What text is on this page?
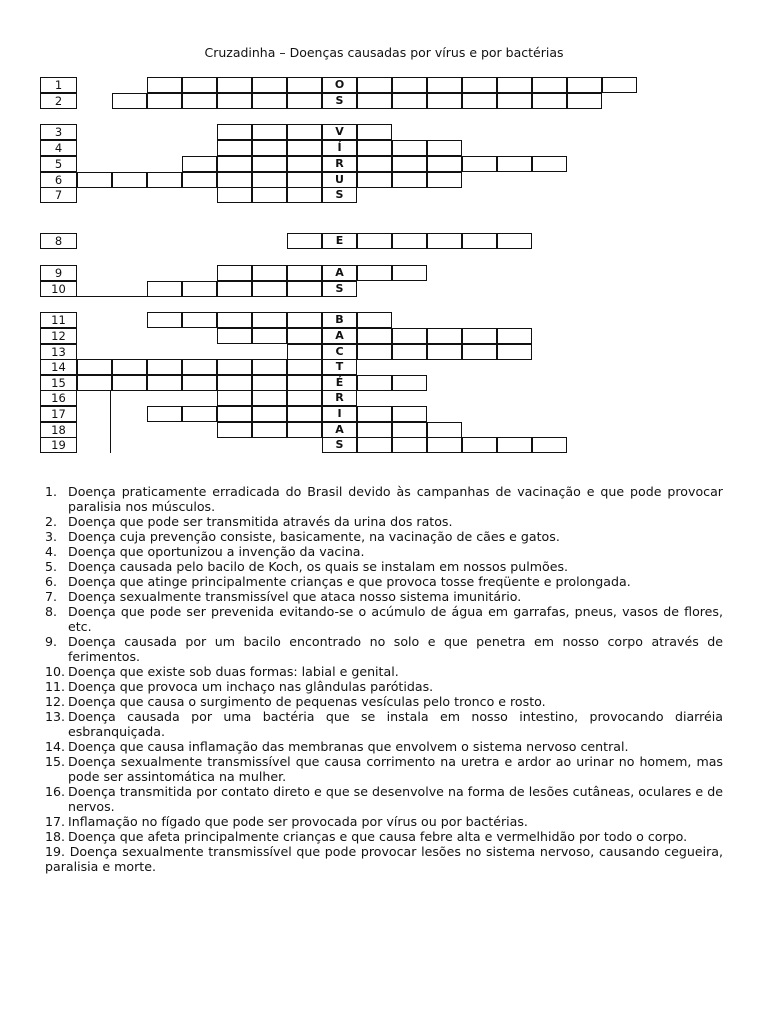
Cruzadinha – Doenças causadas por vírus e por bactérias
1	O
2	S
3	V
4	Í
5	R
6	U
7	S
8	E
9	A
10	S
11	B
12	A
13	C
14	T
15	É
16	R
17	I
18	A
19	S
1. Doença praticamente erradicada do Brasil devido às campanhas de vacinação e que pode provocar paralisia nos músculos.
2. Doença que pode ser transmitida através da urina dos ratos.
3. Doença cuja prevenção consiste, basicamente, na vacinação de cães e gatos.
4. Doença que oportunizou a invenção da vacina.
5. Doença causada pelo bacilo de Koch, os quais se instalam em nossos pulmões.
6. Doença que atinge principalmente crianças e que provoca tosse freqüente e prolongada.
7. Doença sexualmente transmissível que ataca nosso sistema imunitário.
8. Doença que pode ser prevenida evitando-se o acúmulo de água em garrafas, pneus, vasos de flores, etc.
9. Doença causada por um bacilo encontrado no solo e que penetra em nosso corpo através de ferimentos.
10. Doença que existe sob duas formas: labial e genital.
11. Doença que provoca um inchaço nas glândulas parótidas.
12. Doença que causa o surgimento de pequenas vesículas pelo tronco e rosto.
13. Doença causada por uma bactéria que se instala em nosso intestino, provocando diarréia esbranquiçada.
14. Doença que causa inflamação das membranas que envolvem o sistema nervoso central.
15. Doença sexualmente transmissível que causa corrimento na uretra e ardor ao urinar no homem, mas pode ser assintomática na mulher.
16. Doença transmitida por contato direto e que se desenvolve na forma de lesões cutâneas, oculares e de nervos.
17. Inflamação no fígado que pode ser provocada por vírus ou por bactérias.
18. Doença que afeta principalmente crianças e que causa febre alta e vermelhidão por todo o corpo.
19. Doença sexualmente transmissível que pode provocar lesões no sistema nervoso, causando cegueira, paralisia e morte.
